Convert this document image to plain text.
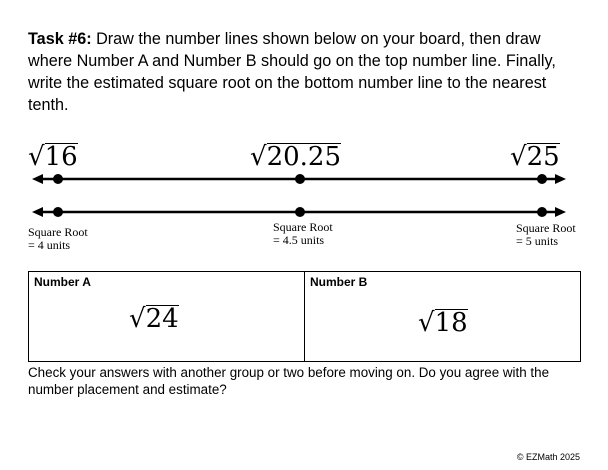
Task #6: Draw the number lines shown below on your board, then draw where Number A and Number B should go on the top number line. Finally, write the estimated square root on the bottom number line to the nearest tenth.
√16	√20.25	√25
Square Root
= 4 units
Square Root
= 4.5 units
Square Root
= 5 units
Number A
√24
Number B
√18
Check your answers with another group or two before moving on. Do you agree with the number placement and estimate?
© EZMath 2025
